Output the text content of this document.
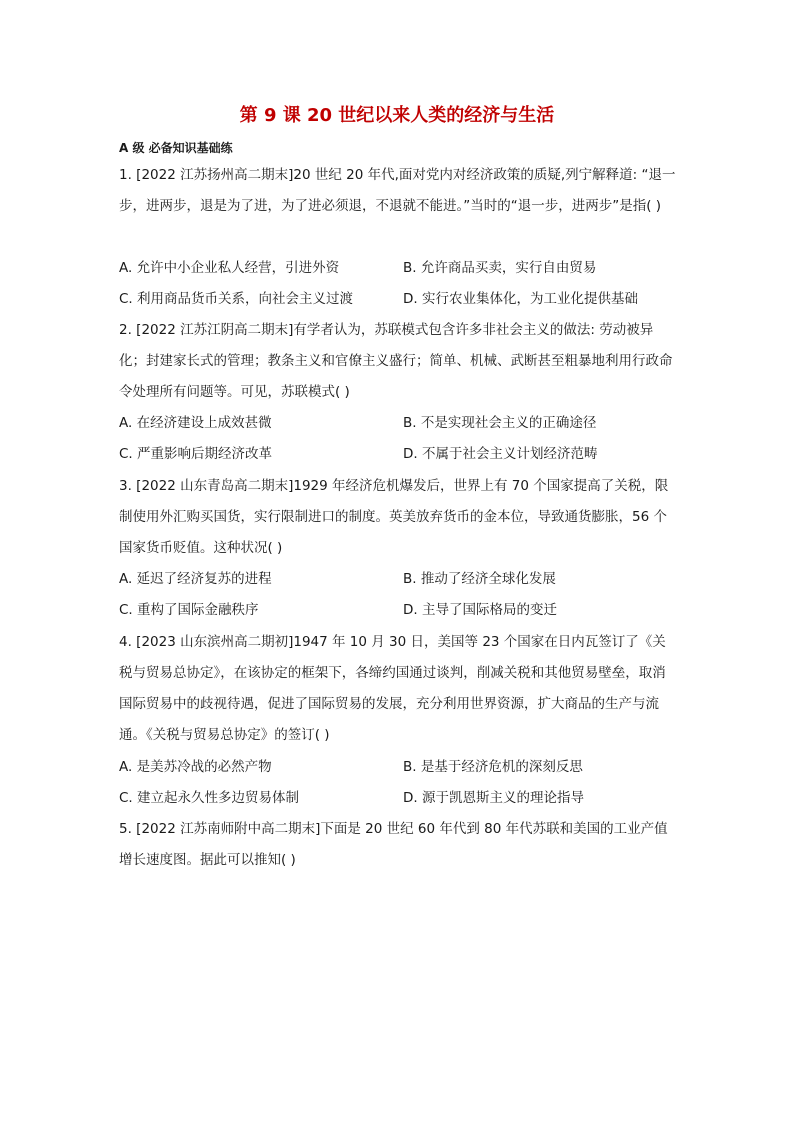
第 9 课 20 世纪以来人类的经济与生活

A 级 必备知识基础练

1. [2022 江苏扬州高二期末]20 世纪 20 年代,面对党内对经济政策的质疑,列宁解释道: “退一步，进两步，退是为了进，为了进必须退，不退就不能进。”当时的“退一步，进两步”是指( )

A. 允许中小企业私人经营，引进外资	B. 允许商品买卖，实行自由贸易

C. 利用商品货币关系，向社会主义过渡	D. 实行农业集体化，为工业化提供基础

2. [2022 江苏江阴高二期末]有学者认为，苏联模式包含许多非社会主义的做法: 劳动被异化；封建家长式的管理；教条主义和官僚主义盛行；简单、机械、武断甚至粗暴地利用行政命令处理所有问题等。可见，苏联模式( )

A. 在经济建设上成效甚微	B. 不是实现社会主义的正确途径

C. 严重影响后期经济改革	D. 不属于社会主义计划经济范畴

3. [2022 山东青岛高二期末]1929 年经济危机爆发后，世界上有 70 个国家提高了关税，限制使用外汇购买国货，实行限制进口的制度。英美放弃货币的金本位，导致通货膨胀，56 个国家货币贬值。这种状况( )

A. 延迟了经济复苏的进程	B. 推动了经济全球化发展

C. 重构了国际金融秩序	D. 主导了国际格局的变迁

4. [2023 山东滨州高二期初]1947 年 10 月 30 日，美国等 23 个国家在日内瓦签订了《关税与贸易总协定》，在该协定的框架下，各缔约国通过谈判，削减关税和其他贸易壁垒，取消国际贸易中的歧视待遇，促进了国际贸易的发展，充分利用世界资源，扩大商品的生产与流通。《关税与贸易总协定》的签订( )

A. 是美苏冷战的必然产物	B. 是基于经济危机的深刻反思

C. 建立起永久性多边贸易体制	D. 源于凯恩斯主义的理论指导

5. [2022 江苏南师附中高二期末]下面是 20 世纪 60 年代到 80 年代苏联和美国的工业产值增长速度图。据此可以推知( )
